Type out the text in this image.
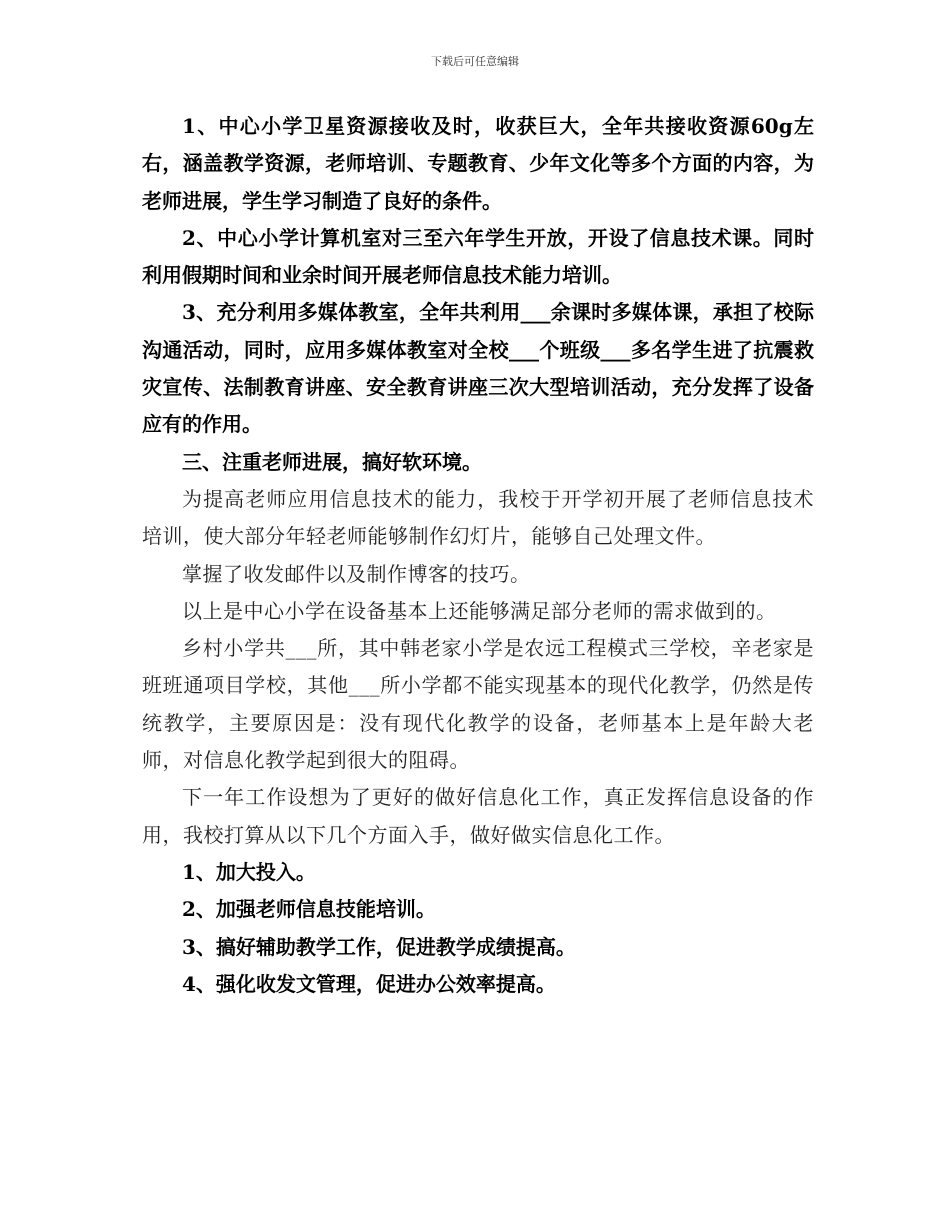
下载后可任意编辑

1、中心小学卫星资源接收及时，收获巨大，全年共接收资源60g左右，涵盖教学资源，老师培训、专题教育、少年文化等多个方面的内容，为老师进展，学生学习制造了良好的条件。

2、中心小学计算机室对三至六年学生开放，开设了信息技术课。同时利用假期时间和业余时间开展老师信息技术能力培训。

3、充分利用多媒体教室，全年共利用___余课时多媒体课，承担了校际沟通活动，同时，应用多媒体教室对全校___个班级___多名学生进了抗震救灾宣传、法制教育讲座、安全教育讲座三次大型培训活动，充分发挥了设备应有的作用。

三、注重老师进展，搞好软环境。

为提高老师应用信息技术的能力，我校于开学初开展了老师信息技术培训，使大部分年轻老师能够制作幻灯片，能够自己处理文件。

掌握了收发邮件以及制作博客的技巧。

以上是中心小学在设备基本上还能够满足部分老师的需求做到的。

乡村小学共___所，其中韩老家小学是农远工程模式三学校，辛老家是班班通项目学校，其他___所小学都不能实现基本的现代化教学，仍然是传统教学，主要原因是：没有现代化教学的设备，老师基本上是年龄大老师，对信息化教学起到很大的阻碍。

下一年工作设想为了更好的做好信息化工作，真正发挥信息设备的作用，我校打算从以下几个方面入手，做好做实信息化工作。

1、加大投入。

2、加强老师信息技能培训。

3、搞好辅助教学工作，促进教学成绩提高。

4、强化收发文管理，促进办公效率提高。
